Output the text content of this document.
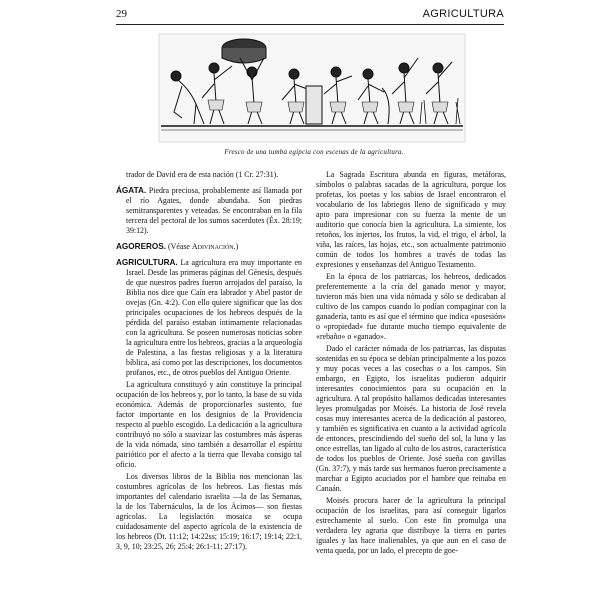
29	AGRICULTURA
Fresco de una tumba egipcia con escenas de la agricultura.

trador de David era de esta nación (1 Cr. 27:31).

ÁGATA. Piedra preciosa, probablemente así llamada por el río Agates, donde abundaba. Son piedras semitransparentes y veteadas. Se encontraban en la fila tercera del pectoral de los sumos sacerdotes (Éx. 28:19; 39:12).

AGOREROS. (Véase Adivinación.)

AGRICULTURA. La agricultura era muy importante en Israel. Desde las primeras páginas del Génesis, después de que nuestros padres fueron arrojados del paraíso, la Biblia nos dice que Caín era labrador y Abel pastor de ovejas (Gn. 4:2). Con ello quiere significar que las dos principales ocupaciones de los hebreos después de la pérdida del paraíso estaban íntimamente relacionadas con la agricultura. Se poseen numerosas noticias sobre la agricultura entre los hebreos, gracias a la arqueología de Palestina, a las fiestas religiosas y a la literatura bíblica, así como por las descripciones, los documentos profanos, etc., de otros pueblos del Antiguo Oriente.

La agricultura constituyó y aún constituye la principal ocupación de los hebreos y, por lo tanto, la base de su vida económica. Además de proporcionarles sustento, fue factor importante en los designios de la Providencia respecto al pueblo escogido. La dedicación a la agricultura contribuyó no sólo a suavizar las costumbres más ásperas de la vida nómada, sino también a desarrollar el espíritu patriótico por el afecto a la tierra que llevaba consigo tal oficio.

Los diversos libros de la Biblia nos mencionan las costumbres agrícolas de los hebreos. Las fiestas más importantes del calendario israelita —la de las Semanas, la de los Tabernáculos, la de los Ácimos— son fiestas agrícolas. La legislación mosaica se ocupa cuidadosamente del aspecto agrícola de la existencia de los hebreos (Dt. 11:12; 14:22ss; 15:19; 16:17; 19:14; 22:1, 3, 9, 10; 23:25, 26; 25:4; 26:1-11; 27:17).

La Sagrada Escritura abunda en figuras, metáforas, símbolos o palabras sacadas de la agricultura, porque los profetas, los poetas y los sabios de Israel encontraron el vocabulario de los labriegos lleno de significado y muy apto para impresionar con su fuerza la mente de un auditorio que conocía bien la agricultura. La simiente, los retoños, los injertos, los frutos, la vid, el trigo, el árbol, la viña, las raíces, las hojas, etc., son actualmente patrimonio común de todos los hombres a través de todas las expresiones y enseñanzas del Antiguo Testamento.

En la época de los patriarcas, los hebreos, dedicados preferentemente a la cría del ganado menor y mayor, tuvieron más bien una vida nómada y sólo se dedicaban al cultivo de los campos cuando lo podían compaginar con la ganadería, tanto es así que el término que indica «posesión» o «propiedad» fue durante mucho tiempo equivalente de «rebaño» o «ganado».

Dado el carácter nómada de los patriarcas, las disputas sostenidas en su época se debían principalmente a los pozos y muy pocas veces a las cosechas o a los campos. Sin embargo, en Egipto, los israelitas pudieron adquirir interesantes conocimientos para su ocupación en la agricultura. A tal propósito hallamos dedicadas interesantes leyes promulgadas por Moisés. La historia de José revela cosas muy interesantes acerca de la dedicación al pastoreo, y también es significativa en cuanto a la actividad agrícola de entonces, prescindiendo del sueño del sol, la luna y las once estrellas, tan ligado al culto de los astros, característica de todos los pueblos de Oriente. José sueña con gavillas (Gn. 37:7), y más tarde sus hermanos fueron precisamente a marchar a Egipto acuciados por el hambre que reinaba en Canaán.

Moisés procura hacer de la agricultura la principal ocupación de los israelitas, para así conseguir ligarlos estrechamente al suelo. Con este fin promulga una verdadera ley agraria que distribuye la tierra en partes iguales y las hace inalienables, ya que aun en el caso de venta queda, por un lado, el precepto de goe-
